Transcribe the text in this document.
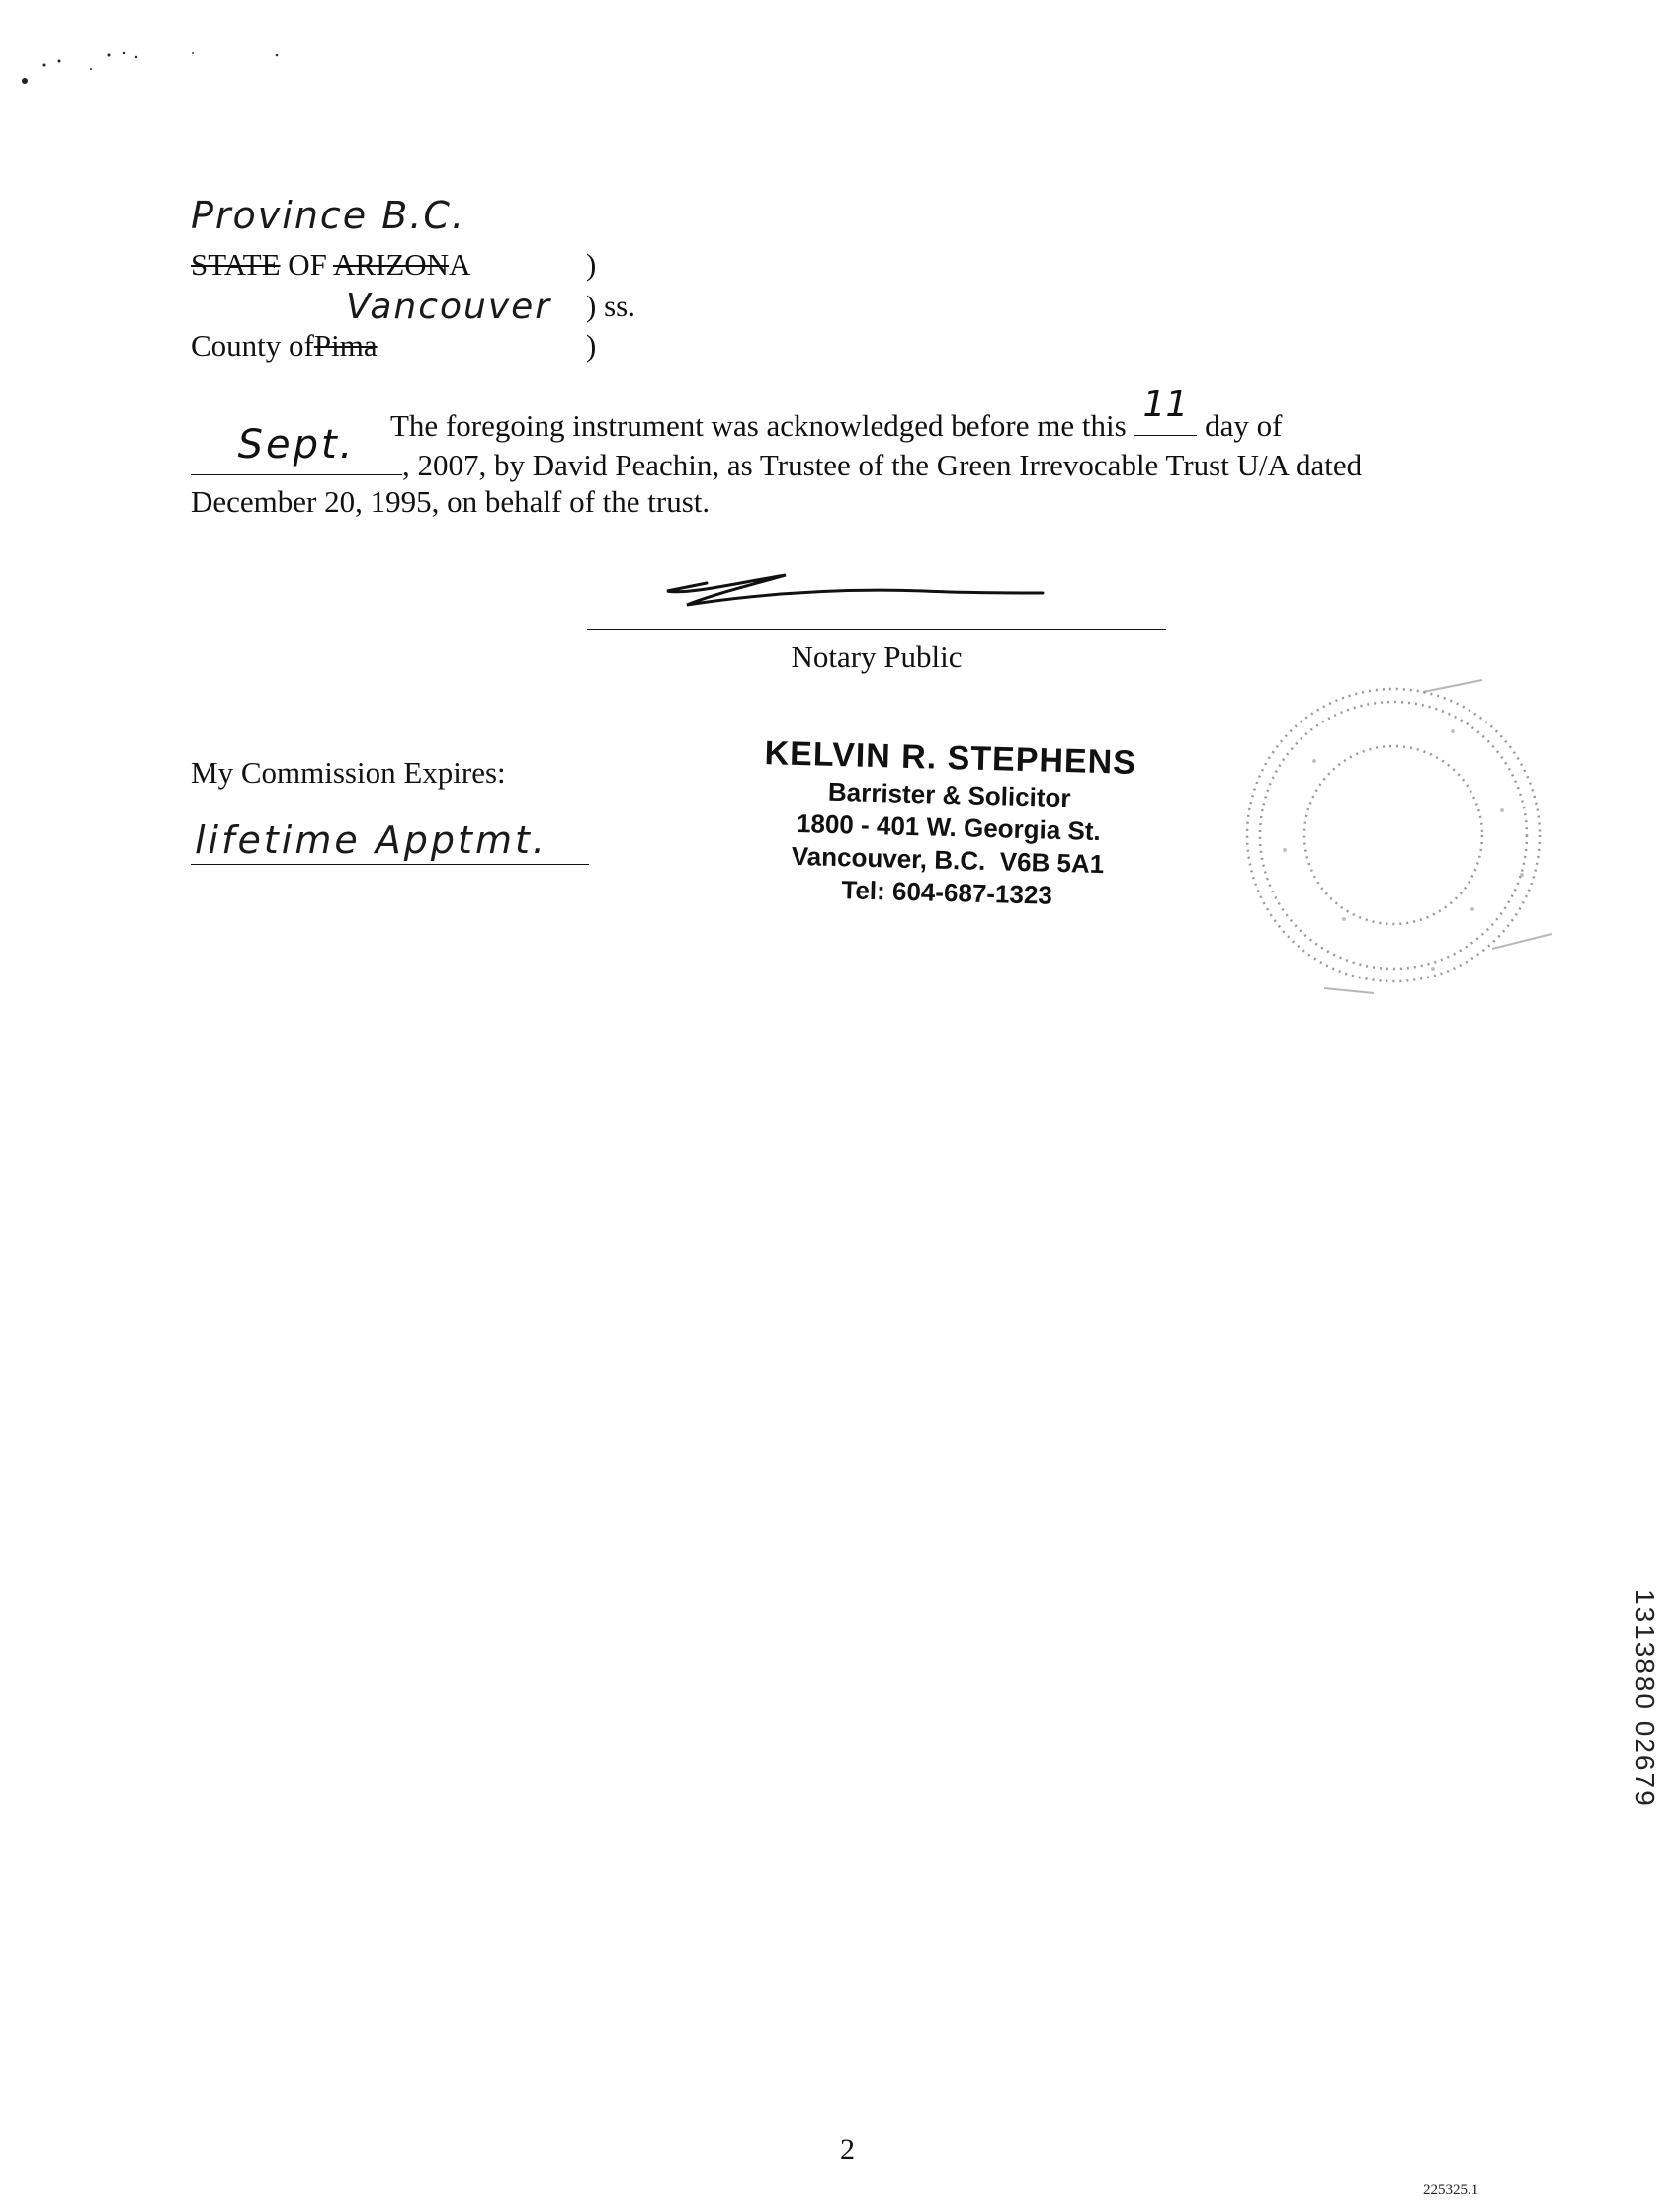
Province B.C.
STATE OF ARIZONA	)
Vancouver ) ss.
County ofPima	)
The foregoing instrument was acknowledged before me this
11
day of
Sept.	, 2007, by David Peachin, as Trustee of the Green Irrevocable Trust U/A dated
December 20, 1995, on behalf of the trust.
Notary Public
My Commission Expires:
lifetime Apptmt.
KELVIN R. STEPHENS
Barrister & Solicitor
1800 - 401 W. Georgia St.
Vancouver, B.C.  V6B 5A1
Tel: 604-687-1323
1313880 02679
2
225325.1
